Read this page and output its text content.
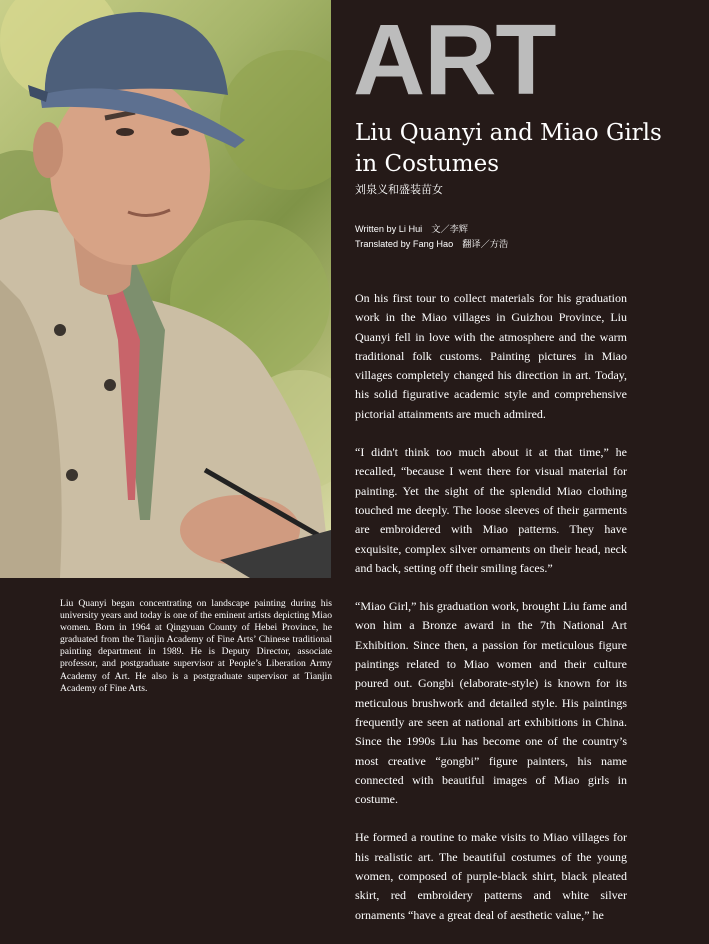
Liu Quanyi began concentrating on landscape painting during his university years and today is one of the eminent artists depicting Miao women. Born in 1964 at Qingyuan County of Hebei Province, he graduated from the Tianjin Academy of Fine Arts’ Chinese traditional painting department in 1989. He is Deputy Director, associate professor, and postgraduate supervisor at People’s Liberation Army Academy of Art. He also is a postgraduate supervisor at Tianjin Academy of Fine Arts.

ART
Liu Quanyi and Miao Girls in Costumes
刘泉义和盛装苗女
Written by Li Hui 文／李辉
Translated by Fang Hao 翻译／方浩

On his first tour to collect materials for his graduation work in the Miao villages in Guizhou Province, Liu Quanyi fell in love with the atmosphere and the warm traditional folk customs. Painting pictures in Miao villages completely changed his direction in art. Today, his solid figurative academic style and comprehensive pictorial attainments are much admired.

“I didn't think too much about it at that time,” he recalled, “because I went there for visual material for painting. Yet the sight of the splendid Miao clothing touched me deeply. The loose sleeves of their garments are embroidered with Miao patterns. They have exquisite, complex silver ornaments on their head, neck and back, setting off their smiling faces.”

“Miao Girl,” his graduation work, brought Liu fame and won him a Bronze award in the 7th National Art Exhibition. Since then, a passion for meticulous figure paintings related to Miao women and their culture poured out. Gongbi (elaborate-style) is known for its meticulous brushwork and detailed style. His paintings frequently are seen at national art exhibitions in China. Since the 1990s Liu has become one of the country’s most creative “gongbi” figure painters, his name connected with beautiful images of Miao girls in costume.

He formed a routine to make visits to Miao villages for his realistic art. The beautiful costumes of the young women, composed of purple-black shirt, black pleated skirt, red embroidery patterns and white silver ornaments “have a great deal of aesthetic value,” he
